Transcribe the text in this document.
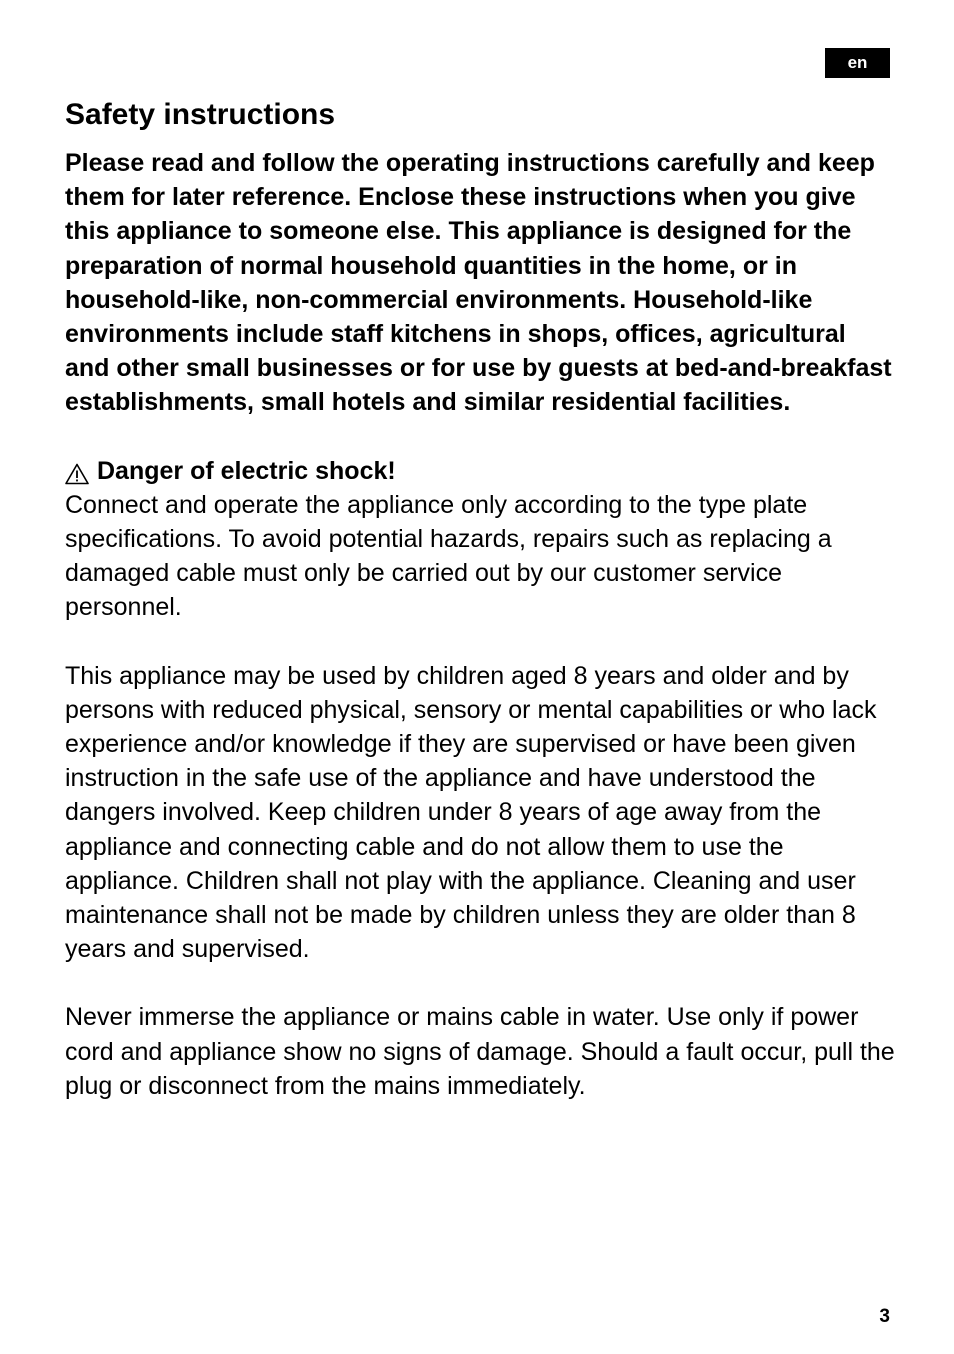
en
Safety instructions

Please read and follow the operating instructions carefully and keep them for later reference. Enclose these instructions when you give this appliance to someone else. This appliance is designed for the preparation of normal household quantities in the home, or in household-like, non-commercial environments. Household-like environments include staff kitchens in shops, offices, agricultural and other small businesses or for use by guests at bed-and-breakfast establishments, small hotels and similar residential facilities.

Danger of electric shock!

Connect and operate the appliance only according to the type plate specifications. To avoid potential hazards, repairs such as replacing a damaged cable must only be carried out by our customer service personnel.

This appliance may be used by children aged 8 years and older and by persons with reduced physical, sensory or mental capabilities or who lack experience and/or knowledge if they are supervised or have been given instruction in the safe use of the appliance and have understood the dangers involved. Keep children under 8 years of age away from the appliance and connecting cable and do not allow them to use the appliance. Children shall not play with the appliance. Cleaning and user maintenance shall not be made by children unless they are older than 8 years and supervised.

Never immerse the appliance or mains cable in water. Use only if power cord and appliance show no signs of damage. Should a fault occur, pull the plug or disconnect from the mains immediately.

3
